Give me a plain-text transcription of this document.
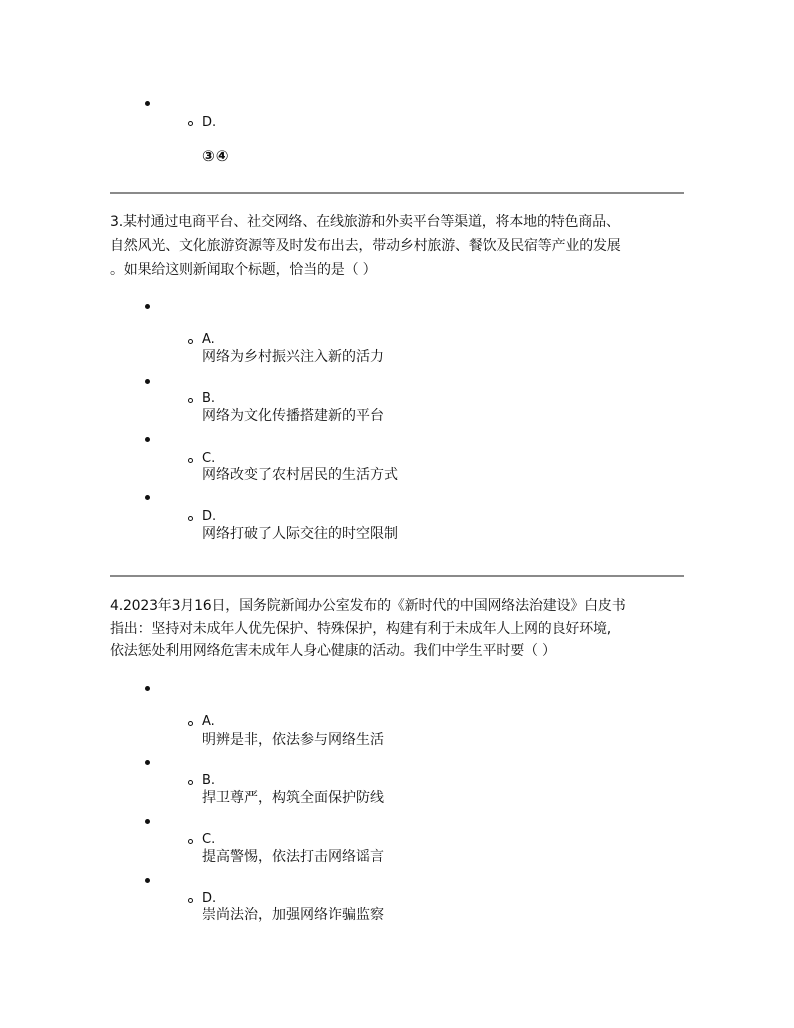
D.
③④
3.某村通过电商平台、社交网络、在线旅游和外卖平台等渠道，将本地的特色商品、
自然风光、文化旅游资源等及时发布出去，带动乡村旅游、餐饮及民宿等产业的发展
。如果给这则新闻取个标题，恰当的是（ ）
A.
网络为乡村振兴注入新的活力
B.
网络为文化传播搭建新的平台
C.
网络改变了农村居民的生活方式
D.
网络打破了人际交往的时空限制
4.2023年3月16日，国务院新闻办公室发布的《新时代的中国网络法治建设》白皮书
指出：坚持对未成年人优先保护、特殊保护，构建有利于未成年人上网的良好环境,
依法惩处利用网络危害未成年人身心健康的活动。我们中学生平时要（ ）
A.
明辨是非，依法参与网络生活
B.
捍卫尊严，构筑全面保护防线
C.
提高警惕，依法打击网络谣言
D.
崇尚法治，加强网络诈骗监察
